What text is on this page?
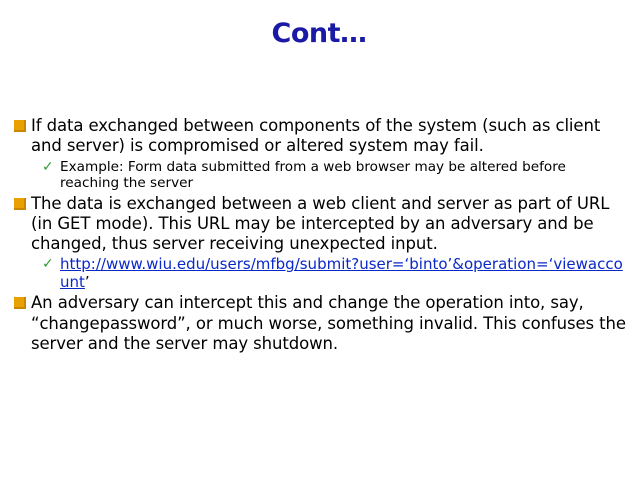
Cont…
If data exchanged between components of the system (such as client and server) is compromised or altered system may fail.
✓ Example: Form data submitted from a web browser may be altered before reaching the server
The data is exchanged between a web client and server as part of URL (in GET mode). This URL may be intercepted by an adversary and be changed, thus server receiving unexpected input.
✓ http://www.wiu.edu/users/mfbg/submit?user=‘binto’&operation=‘viewaccount’
An adversary can intercept this and change the operation into, say, “changepassword”, or much worse, something invalid. This confuses the server and the server may shutdown.
